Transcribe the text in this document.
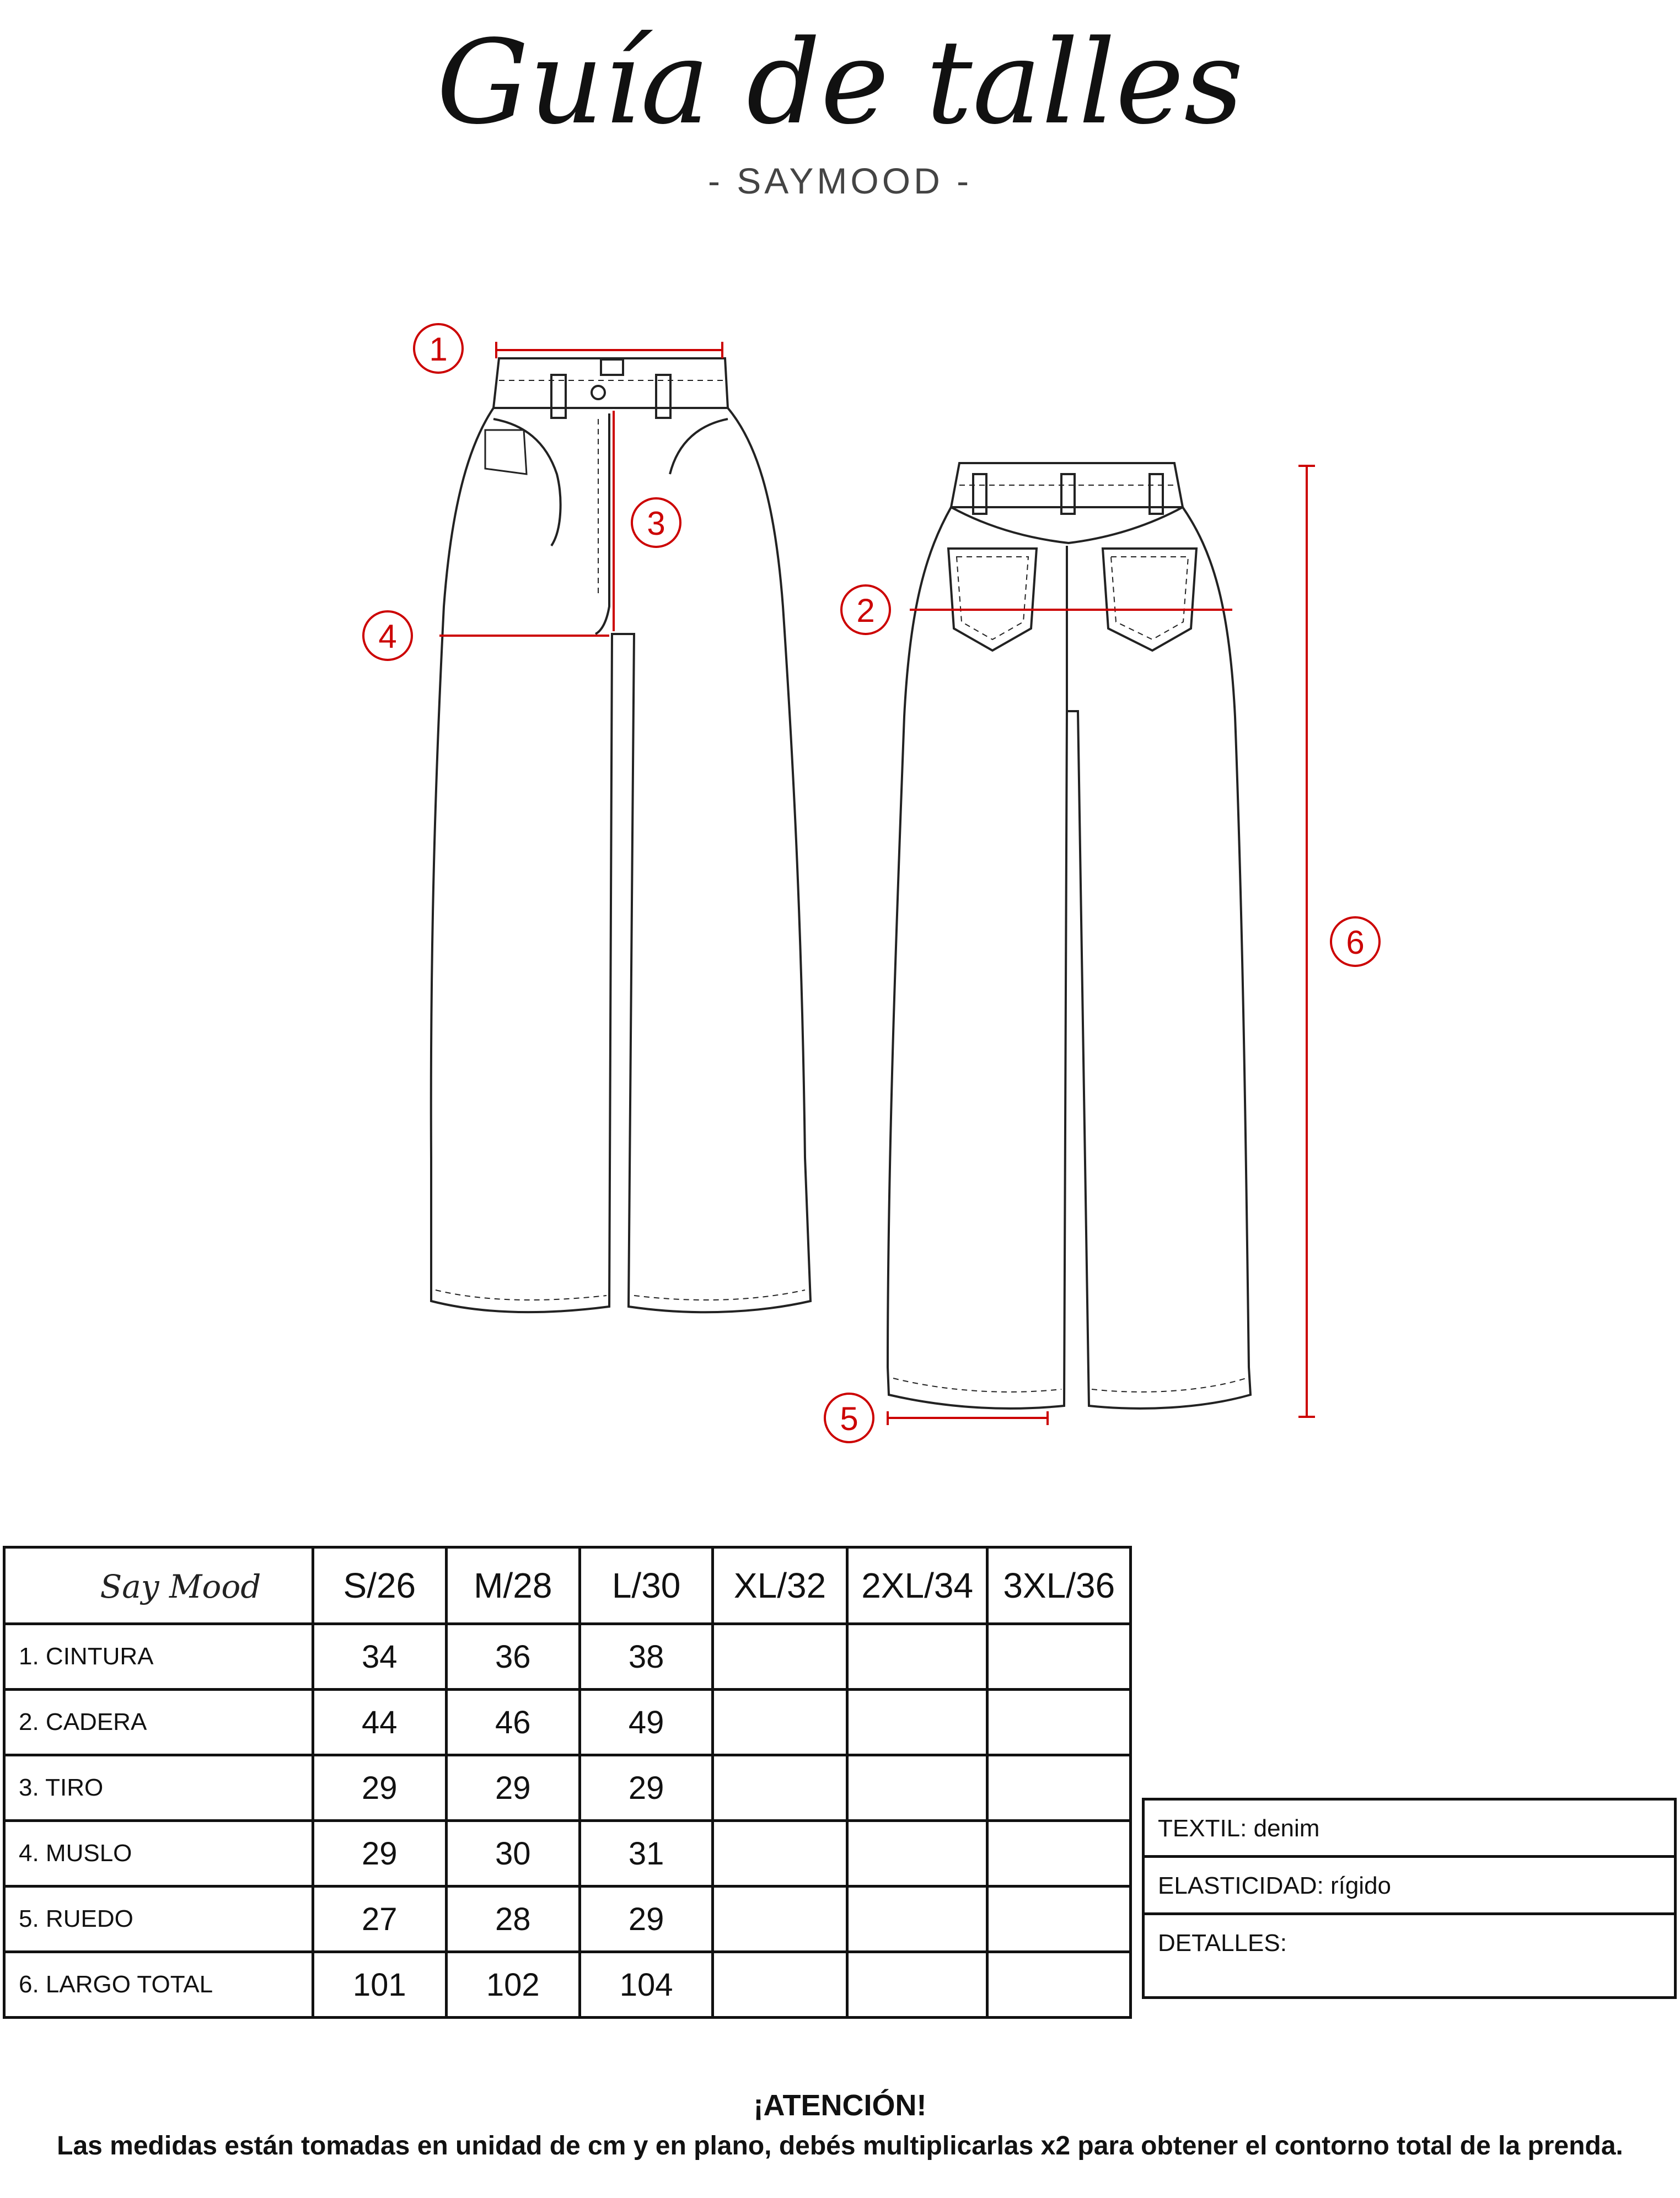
Guía de talles
- SAYMOOD -
1
3
4
2
6
5
Say Mood	S/26	M/28	L/30	XL/32	2XL/34	3XL/36
1. CINTURA	34	36	38			
2. CADERA	44	46	49			
3. TIRO	29	29	29			
4. MUSLO	29	30	31			
5. RUEDO	27	28	29			
6. LARGO TOTAL	101	102	104			
TEXTIL: denim
ELASTICIDAD: rígido
DETALLES:
¡ATENCIÓN!
Las medidas están tomadas en unidad de cm y en plano, debés multiplicarlas x2 para obtener el contorno total de la prenda.
